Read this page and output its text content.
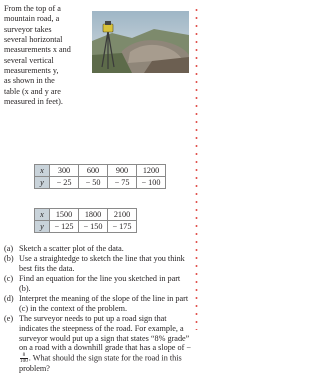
From the top of a

mountain road, a

surveyor takes

several horizontal

measurements x and

several vertical

measurements y,

as shown in the

table (x and y are

measured in feet).

x	300	600	900	1200
y	− 25	− 50	− 75	− 100
x	1500	1800	2100
y	− 125	− 150	− 175
(a) Sketch a scatter plot of the data.
(b) Use a straightedge to sketch the line that you think best fits the data.
(c) Find an equation for the line you sketched in part (b).
(d) Interpret the meaning of the slope of the line in part (c) in the context of the problem.
(e) The surveyor needs to put up a road sign that indicates the steepness of the road. For example, a surveyor would put up a sign that states “8% grade” on a road with a downhill grade that has a slope of −
$\frac{8}{100}$ . What should the sign state for the road in this problem?
